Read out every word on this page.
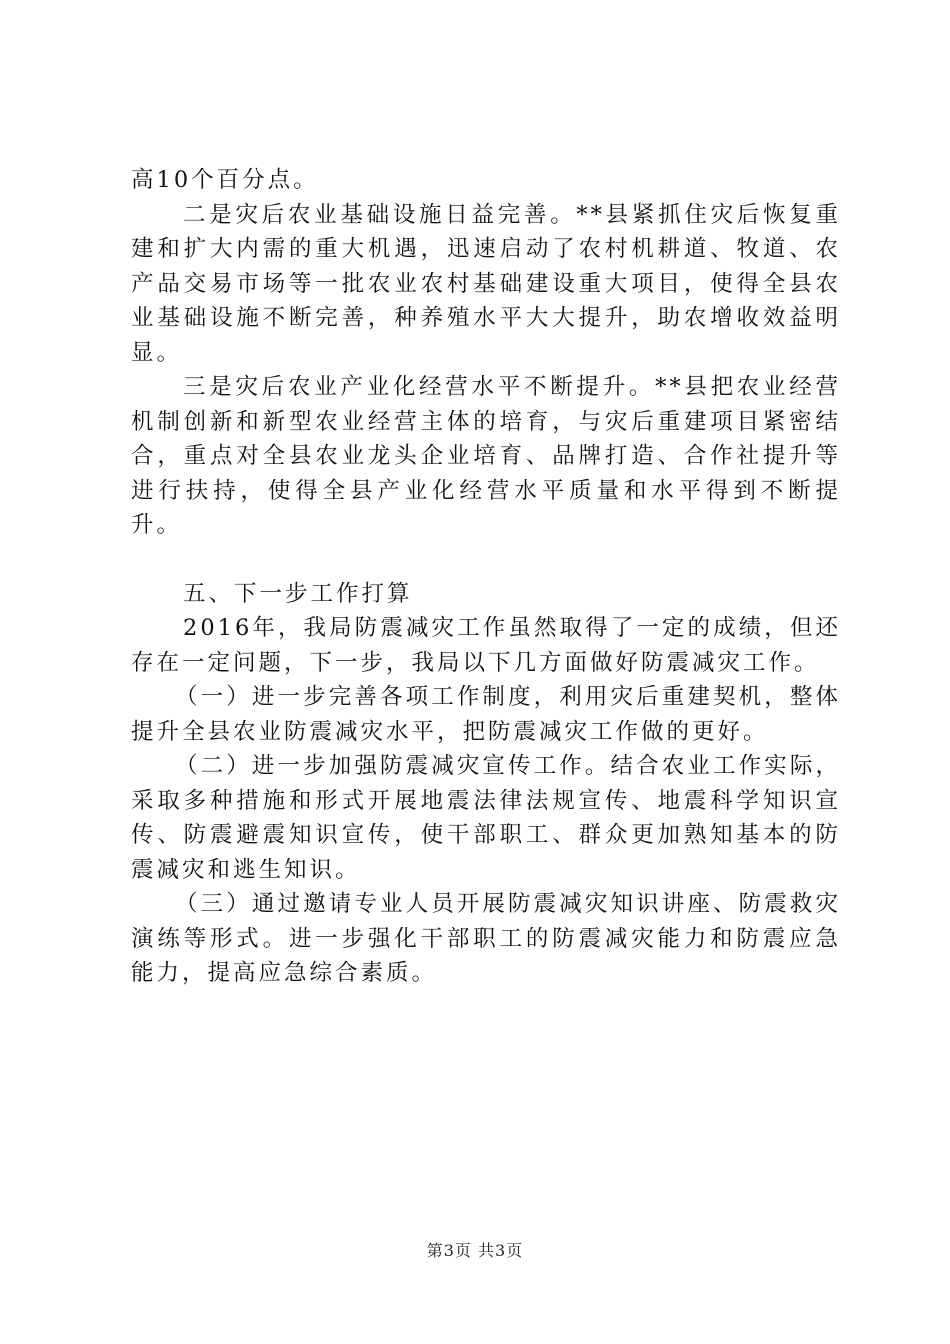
高10个百分点。

二是灾后农业基础设施日益完善。**县紧抓住灾后恢复重建和扩大内需的重大机遇，迅速启动了农村机耕道、牧道、农产品交易市场等一批农业农村基础建设重大项目，使得全县农业基础设施不断完善，种养殖水平大大提升，助农增收效益明显。

三是灾后农业产业化经营水平不断提升。**县把农业经营机制创新和新型农业经营主体的培育，与灾后重建项目紧密结合，重点对全县农业龙头企业培育、品牌打造、合作社提升等进行扶持，使得全县产业化经营水平质量和水平得到不断提升。

五、下一步工作打算

2016年，我局防震减灾工作虽然取得了一定的成绩，但还存在一定问题，下一步，我局以下几方面做好防震减灾工作。

（一）进一步完善各项工作制度，利用灾后重建契机，整体提升全县农业防震减灾水平，把防震减灾工作做的更好。

（二）进一步加强防震减灾宣传工作。结合农业工作实际，采取多种措施和形式开展地震法律法规宣传、地震科学知识宣传、防震避震知识宣传，使干部职工、群众更加熟知基本的防震减灾和逃生知识。

（三）通过邀请专业人员开展防震减灾知识讲座、防震救灾演练等形式。进一步强化干部职工的防震减灾能力和防震应急能力，提高应急综合素质。

第3页 共3页
